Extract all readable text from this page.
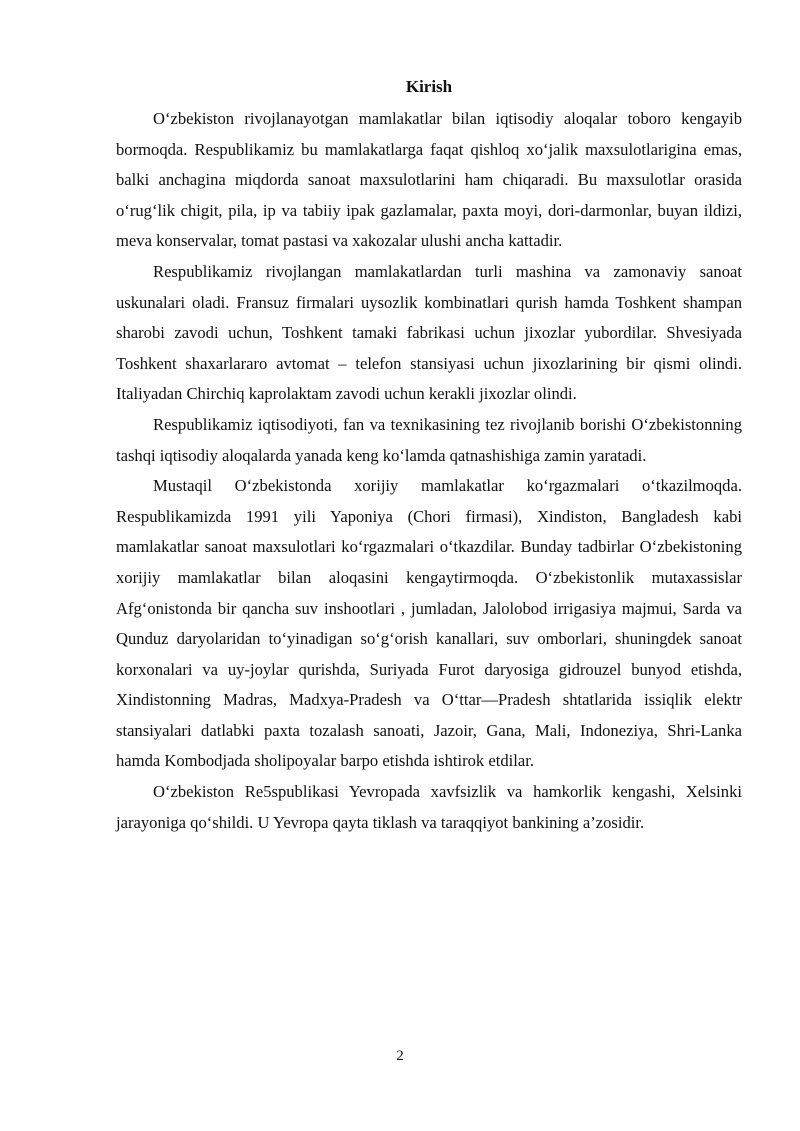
Kirish

O‘zbekiston rivojlanayotgan mamlakatlar bilan iqtisodiy aloqalar toboro kengayib bormoqda. Respublikamiz bu mamlakatlarga faqat qishloq xo‘jalik maxsulotlarigina emas, balki anchagina miqdorda sanoat maxsulotlarini ham chiqaradi. Bu maxsulotlar orasida o‘rug‘lik chigit, pila, ip va tabiiy ipak gazlamalar, paxta moyi, dori-darmonlar, buyan ildizi, meva konservalar, tomat pastasi va xakozalar ulushi ancha kattadir.

Respublikamiz rivojlangan mamlakatlardan turli mashina va zamonaviy sanoat uskunalari oladi. Fransuz firmalari uysozlik kombinatlari qurish hamda Toshkent shampan sharobi zavodi uchun, Toshkent tamaki fabrikasi uchun jixozlar yubordilar. Shvesiyada Toshkent shaxarlararo avtomat – telefon stansiyasi uchun jixozlarining bir qismi olindi. Italiyadan Chirchiq kaprolaktam zavodi uchun kerakli jixozlar olindi.

Respublikamiz iqtisodiyoti, fan va texnikasining tez rivojlanib borishi O‘zbekistonning tashqi iqtisodiy aloqalarda yanada keng ko‘lamda qatnashishiga zamin yaratadi.

Mustaqil O‘zbekistonda xorijiy mamlakatlar ko‘rgazmalari o‘tkazilmoqda. Respublikamizda 1991 yili Yaponiya (Chori firmasi), Xindiston, Bangladesh kabi mamlakatlar sanoat maxsulotlari ko‘rgazmalari o‘tkazdilar. Bunday tadbirlar O‘zbekistoning xorijiy mamlakatlar bilan aloqasini kengaytirmoqda. O‘zbekistonlik mutaxassislar Afg‘onistonda bir qancha suv inshootlari , jumladan, Jalolobod irrigasiya majmui, Sarda va Qunduz daryolaridan to‘yinadigan so‘g‘orish kanallari, suv omborlari, shuningdek sanoat korxonalari va uy-joylar qurishda, Suriyada Furot daryosiga gidrouzel bunyod etishda, Xindistonning Madras, Madxya-Pradesh va O‘ttar—Pradesh shtatlarida issiqlik elektr stansiyalari datlabki paxta tozalash sanoati, Jazoir, Gana, Mali, Indoneziya, Shri-Lanka hamda Kombodjada sholipoyalar barpo etishda ishtirok etdilar.

O‘zbekiston Re5spublikasi Yevropada xavfsizlik va hamkorlik kengashi, Xelsinki jarayoniga qo‘shildi. U Yevropa qayta tiklash va taraqqiyot bankining a’zosidir.

2
